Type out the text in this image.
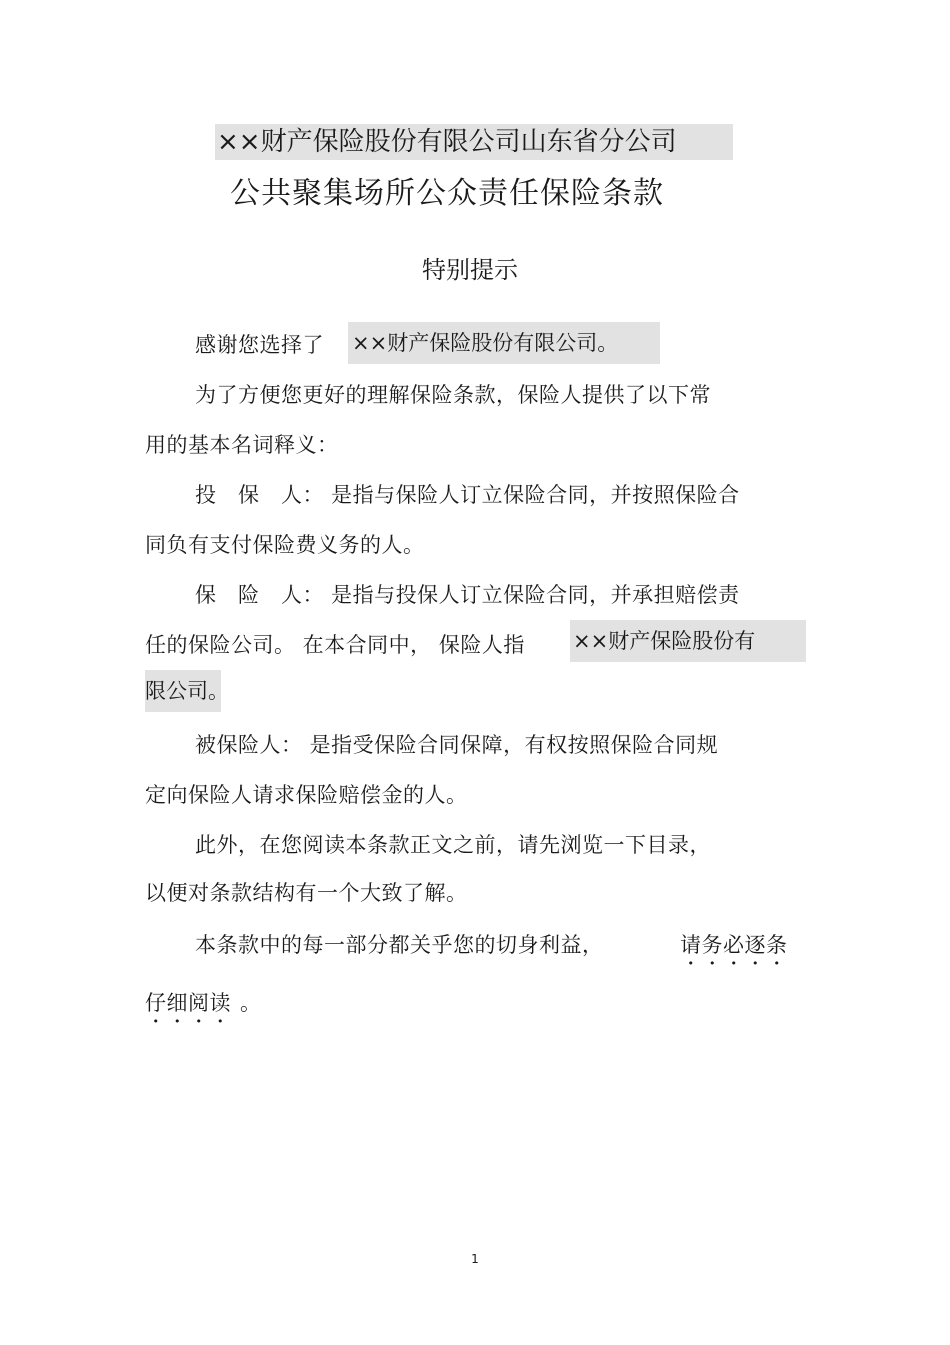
××财产保险股份有限公司山东省分公司
公共聚集场所公众责任保险条款
特别提示
感谢您选择了 ××财产保险股份有限公司。
为了方便您更好的理解保险条款，保险人提供了以下常
用的基本名词释义：
投　保　人： 是指与保险人订立保险合同，并按照保险合
同负有支付保险费义务的人。
保　险　人： 是指与投保人订立保险合同，并承担赔偿责
任的保险公司。 在本合同中， 保险人指 ××财产保险股份有
限公司。
被保险人： 是指受保险合同保障，有权按照保险合同规
定向保险人请求保险赔偿金的人。
此外，在您阅读本条款正文之前，请先浏览一下目录，
以便对条款结构有一个大致了解。
本条款中的每一部分都关乎您的切身利益，	请务必逐条
仔细阅读 。
1
